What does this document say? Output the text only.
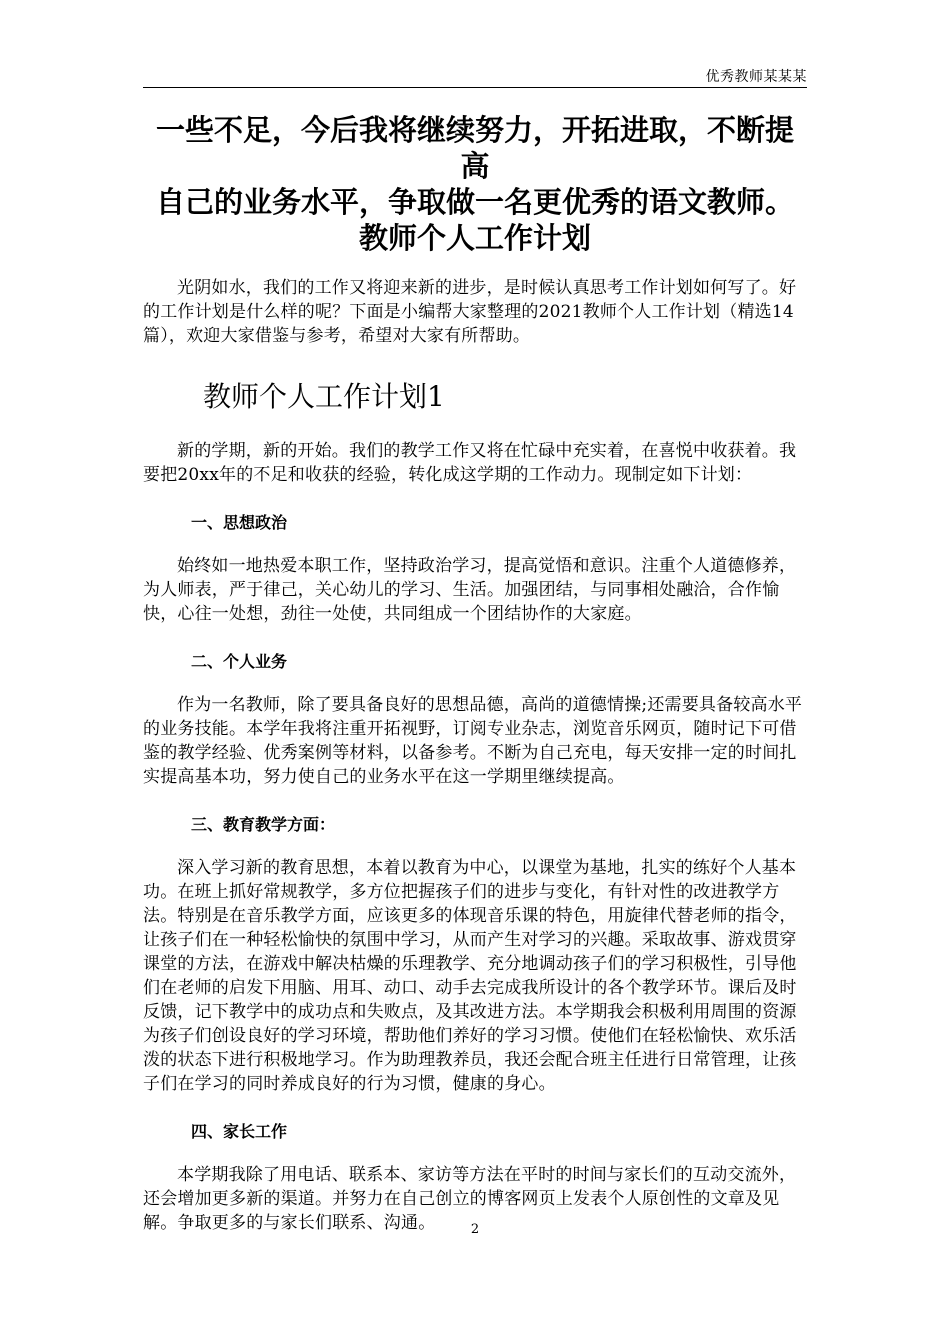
优秀教师某某某
一些不足，今后我将继续努力，开拓进取，不断提高
自己的业务水平，争取做一名更优秀的语文教师。
教师个人工作计划

光阴如水，我们的工作又将迎来新的进步，是时候认真思考工作计划如何写了。好的工作计划是什么样的呢？下面是小编帮大家整理的2021教师个人工作计划（精选14篇），欢迎大家借鉴与参考，希望对大家有所帮助。

教师个人工作计划1

新的学期，新的开始。我们的教学工作又将在忙碌中充实着，在喜悦中收获着。我要把20xx年的不足和收获的经验，转化成这学期的工作动力。现制定如下计划：

一、思想政治

始终如一地热爱本职工作，坚持政治学习，提高觉悟和意识。注重个人道德修养，为人师表，严于律己，关心幼儿的学习、生活。加强团结，与同事相处融洽，合作愉快，心往一处想，劲往一处使，共同组成一个团结协作的大家庭。

二、个人业务

作为一名教师，除了要具备良好的思想品德，高尚的道德情操;还需要具备较高水平的业务技能。本学年我将注重开拓视野，订阅专业杂志，浏览音乐网页，随时记下可借鉴的教学经验、优秀案例等材料，以备参考。不断为自己充电，每天安排一定的时间扎实提高基本功，努力使自己的业务水平在这一学期里继续提高。

三、教育教学方面：

深入学习新的教育思想，本着以教育为中心，以课堂为基地，扎实的练好个人基本功。在班上抓好常规教学，多方位把握孩子们的进步与变化，有针对性的改进教学方法。特别是在音乐教学方面，应该更多的体现音乐课的特色，用旋律代替老师的指令，让孩子们在一种轻松愉快的氛围中学习，从而产生对学习的兴趣。采取故事、游戏贯穿课堂的方法，在游戏中解决枯燥的乐理教学、充分地调动孩子们的学习积极性，引导他们在老师的启发下用脑、用耳、动口、动手去完成我所设计的各个教学环节。课后及时反馈，记下教学中的成功点和失败点，及其改进方法。本学期我会积极利用周围的资源为孩子们创设良好的学习环境，帮助他们养好的学习习惯。使他们在轻松愉快、欢乐活泼的状态下进行积极地学习。作为助理教养员，我还会配合班主任进行日常管理，让孩子们在学习的同时养成良好的行为习惯，健康的身心。

四、家长工作

本学期我除了用电话、联系本、家访等方法在平时的时间与家长们的互动交流外，还会增加更多新的渠道。并努力在自己创立的博客网页上发表个人原创性的文章及见解。争取更多的与家长们联系、沟通。	2
